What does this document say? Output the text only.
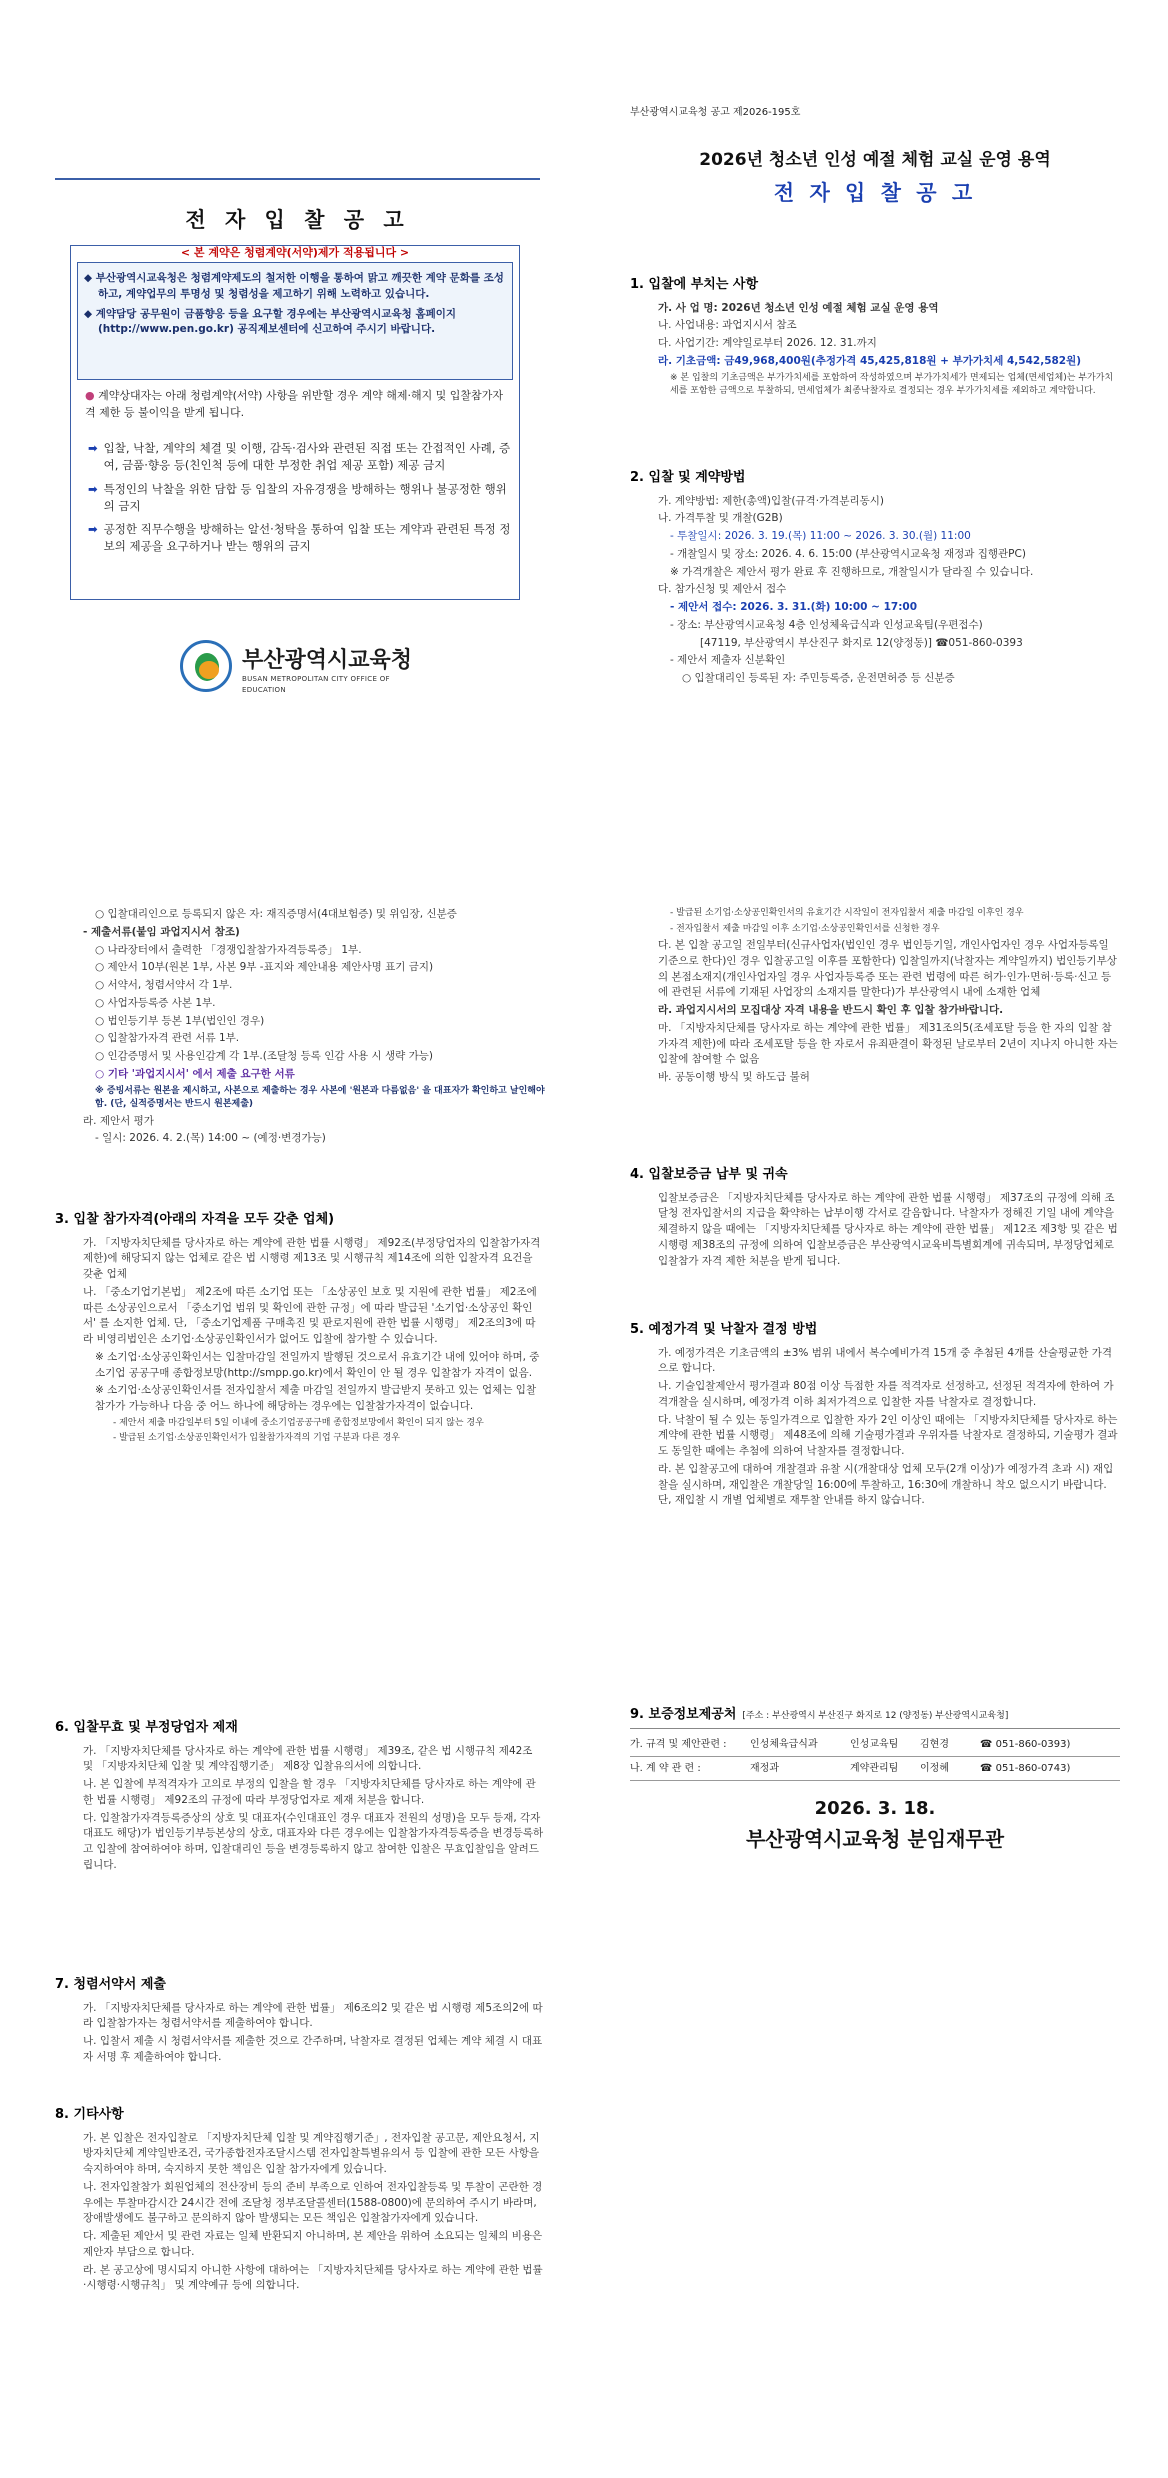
전 자 입 찰 공 고
< 본 계약은 청렴계약(서약)제가 적용됩니다 >
◆ 부산광역시교육청은 청렴계약제도의 철저한 이행을 통하여 맑고 깨끗한 계약 문화를 조성하고, 계약업무의 투명성 및 청렴성을 제고하기 위해 노력하고 있습니다.
◆ 계약담당 공무원이 금품향응 등을 요구할 경우에는 부산광역시교육청 홈페이지(http://www.pen.go.kr) 공직제보센터에 신고하여 주시기 바랍니다.
● 계약상대자는 아래 청렴계약(서약) 사항을 위반할 경우 계약 해제·해지 및 입찰참가자격 제한 등 불이익을 받게 됩니다.
➡ 입찰, 낙찰, 계약의 체결 및 이행, 감독·검사와 관련된 직접 또는 간접적인 사례, 증여, 금품·향응 등(친인척 등에 대한 부정한 취업 제공 포함) 제공 금지
➡ 특정인의 낙찰을 위한 담합 등 입찰의 자유경쟁을 방해하는 행위나 불공정한 행위의 금지
➡ 공정한 직무수행을 방해하는 알선·청탁을 통하여 입찰 또는 계약과 관련된 특정 정보의 제공을 요구하거나 받는 행위의 금지
부산광역시교육청
BUSAN METROPOLITAN CITY OFFICE OF EDUCATION
부산광역시교육청 공고 제2026-195호
2026년 청소년 인성 예절 체험 교실 운영 용역
전 자 입 찰 공 고
1. 입찰에 부치는 사항
가. 사 업 명: 2026년 청소년 인성 예절 체험 교실 운영 용역
나. 사업내용: 과업지시서 참조
다. 사업기간: 계약일로부터 2026. 12. 31.까지
라. 기초금액: 금49,968,400원(추정가격 45,425,818원 + 부가가치세 4,542,582원)
※ 본 입찰의 기초금액은 부가가치세를 포함하여 작성하였으며 부가가치세가 면제되는 업체(면세업체)는 부가가치세를 포함한 금액으로 투찰하되, 면세업체가 최종낙찰자로 결정되는 경우 부가가치세를 제외하고 계약합니다.
2. 입찰 및 계약방법
가. 계약방법: 제한(총액)입찰(규격·가격분리동시)
나. 가격투찰 및 개찰(G2B)
- 투찰일시: 2026. 3. 19.(목) 11:00 ~ 2026. 3. 30.(월) 11:00
- 개찰일시 및 장소: 2026. 4. 6. 15:00 (부산광역시교육청 재정과 집행관PC)
※ 가격개찰은 제안서 평가 완료 후 진행하므로, 개찰일시가 달라질 수 있습니다.
다. 참가신청 및 제안서 접수
- 제안서 접수: 2026. 3. 31.(화) 10:00 ~ 17:00
- 장소: 부산광역시교육청 4층 인성체육급식과 인성교육팀(우편접수)
[47119, 부산광역시 부산진구 화지로 12(양정동)] ☎051-860-0393
- 제안서 제출자 신분확인
○ 입찰대리인 등록된 자: 주민등록증, 운전면허증 등 신분증
○ 입찰대리인으로 등록되지 않은 자: 재직증명서(4대보험증) 및 위임장, 신분증
- 제출서류(붙임 과업지시서 참조)
○ 나라장터에서 출력한 「경쟁입찰참가자격등록증」 1부.
○ 제안서 10부(원본 1부, 사본 9부 -표지와 제안내용 제안사명 표기 금지)
○ 서약서, 청렴서약서 각 1부.
○ 사업자등록증 사본 1부.
○ 법인등기부 등본 1부(법인인 경우)
○ 입찰참가자격 관련 서류 1부.
○ 인감증명서 및 사용인감계 각 1부.(조달청 등록 인감 사용 시 생략 가능)
○ 기타 '과업지시서' 에서 제출 요구한 서류
※ 증빙서류는 원본을 제시하고, 사본으로 제출하는 경우 사본에 '원본과 다름없음' 을 대표자가 확인하고 날인해야함. (단, 실적증명서는 반드시 원본제출)
라. 제안서 평가
- 일시: 2026. 4. 2.(목) 14:00 ~ (예정·변경가능)
3. 입찰 참가자격(아래의 자격을 모두 갖춘 업체)
가. 「지방자치단체를 당사자로 하는 계약에 관한 법률 시행령」 제92조(부정당업자의 입찰참가자격 제한)에 해당되지 않는 업체로 같은 법 시행령 제13조 및 시행규칙 제14조에 의한 입찰자격 요건을 갖춘 업체
나. 「중소기업기본법」 제2조에 따른 소기업 또는 「소상공인 보호 및 지원에 관한 법률」 제2조에 따른 소상공인으로서 「중소기업 범위 및 확인에 관한 규정」에 따라 발급된 '소기업·소상공인 확인서' 를 소지한 업체. 단, 「중소기업제품 구매촉진 및 판로지원에 관한 법률 시행령」 제2조의3에 따라 비영리법인은 소기업·소상공인확인서가 없어도 입찰에 참가할 수 있습니다.
※ 소기업·소상공인확인서는 입찰마감일 전일까지 발행된 것으로서 유효기간 내에 있어야 하며, 중소기업 공공구매 종합정보망(http://smpp.go.kr)에서 확인이 안 될 경우 입찰참가 자격이 없음.
※ 소기업·소상공인확인서를 전자입찰서 제출 마감일 전일까지 발급받지 못하고 있는 업체는 입찰참가가 가능하나 다음 중 어느 하나에 해당하는 경우에는 입찰참가자격이 없습니다.
- 제안서 제출 마감일부터 5일 이내에 중소기업공공구매 종합정보망에서 확인이 되지 않는 경우
- 발급된 소기업·소상공인확인서가 입찰참가자격의 기업 구분과 다른 경우
- 발급된 소기업·소상공인확인서의 유효기간 시작일이 전자입찰서 제출 마감일 이후인 경우
- 전자입찰서 제출 마감일 이후 소기업·소상공인확인서를 신청한 경우
다. 본 입찰 공고일 전일부터(신규사업자(법인인 경우 법인등기일, 개인사업자인 경우 사업자등록일 기준으로 한다)인 경우 입찰공고일 이후를 포함한다) 입찰일까지(낙찰자는 계약일까지) 법인등기부상의 본점소재지(개인사업자일 경우 사업자등록증 또는 관련 법령에 따른 허가·인가·면허·등록·신고 등에 관련된 서류에 기재된 사업장의 소재지를 말한다)가 부산광역시 내에 소재한 업체
라. 과업지시서의 모집대상 자격 내용을 반드시 확인 후 입찰 참가바랍니다.
마. 「지방자치단체를 당사자로 하는 계약에 관한 법률」 제31조의5(조세포탈 등을 한 자의 입찰 참가자격 제한)에 따라 조세포탈 등을 한 자로서 유죄판결이 확정된 날로부터 2년이 지나지 아니한 자는 입찰에 참여할 수 없음
바. 공동이행 방식 및 하도급 불허
4. 입찰보증금 납부 및 귀속
입찰보증금은 「지방자치단체를 당사자로 하는 계약에 관한 법률 시행령」 제37조의 규정에 의해 조달청 전자입찰서의 지급을 확약하는 납부이행 각서로 갈음합니다. 낙찰자가 정해진 기일 내에 계약을 체결하지 않을 때에는 「지방자치단체를 당사자로 하는 계약에 관한 법률」 제12조 제3항 및 같은 법 시행령 제38조의 규정에 의하여 입찰보증금은 부산광역시교육비특별회계에 귀속되며, 부정당업체로 입찰참가 자격 제한 처분을 받게 됩니다.
5. 예정가격 및 낙찰자 결정 방법
가. 예정가격은 기초금액의 ±3% 범위 내에서 복수예비가격 15개 중 추첨된 4개를 산술평균한 가격으로 합니다.
나. 기술입찰제안서 평가결과 80점 이상 득점한 자를 적격자로 선정하고, 선정된 적격자에 한하여 가격개찰을 실시하며, 예정가격 이하 최저가격으로 입찰한 자를 낙찰자로 결정합니다.
다. 낙찰이 될 수 있는 동일가격으로 입찰한 자가 2인 이상인 때에는 「지방자치단체를 당사자로 하는 계약에 관한 법률 시행령」 제48조에 의해 기술평가결과 우위자를 낙찰자로 결정하되, 기술평가 결과도 동일한 때에는 추첨에 의하여 낙찰자를 결정합니다.
라. 본 입찰공고에 대하여 개찰결과 유찰 시(개찰대상 업체 모두(2개 이상)가 예정가격 초과 시) 재입찰을 실시하며, 재입찰은 개찰당일 16:00에 투찰하고, 16:30에 개찰하니 착오 없으시기 바랍니다. 단, 재입찰 시 개별 업체별로 재투찰 안내를 하지 않습니다.
6. 입찰무효 및 부정당업자 제재
가. 「지방자치단체를 당사자로 하는 계약에 관한 법률 시행령」 제39조, 같은 법 시행규칙 제42조 및 「지방자치단체 입찰 및 계약집행기준」 제8장 입찰유의서에 의합니다.
나. 본 입찰에 부적격자가 고의로 부정의 입찰을 할 경우 「지방자치단체를 당사자로 하는 계약에 관한 법률 시행령」 제92조의 규정에 따라 부정당업자로 제재 처분을 합니다.
다. 입찰참가자격등록증상의 상호 및 대표자(수인대표인 경우 대표자 전원의 성명)을 모두 등재, 각자 대표도 해당)가 법인등기부등본상의 상호, 대표자와 다른 경우에는 입찰참가자격등록증을 변경등록하고 입찰에 참여하여야 하며, 입찰대리인 등을 변경등록하지 않고 참여한 입찰은 무효입찰임을 알려드립니다.
7. 청렴서약서 제출
가. 「지방자치단체를 당사자로 하는 계약에 관한 법률」 제6조의2 및 같은 법 시행령 제5조의2에 따라 입찰참가자는 청렴서약서를 제출하여야 합니다.
나. 입찰서 제출 시 청렴서약서를 제출한 것으로 간주하며, 낙찰자로 결정된 업체는 계약 체결 시 대표자 서명 후 제출하여야 합니다.
8. 기타사항
가. 본 입찰은 전자입찰로 「지방자치단체 입찰 및 계약집행기준」, 전자입찰 공고문, 제안요청서, 지방자치단체 계약일반조건, 국가종합전자조달시스템 전자입찰특별유의서 등 입찰에 관한 모든 사항을 숙지하여야 하며, 숙지하지 못한 책임은 입찰 참가자에게 있습니다.
나. 전자입찰참가 회원업체의 전산장비 등의 준비 부족으로 인하여 전자입찰등록 및 투찰이 곤란한 경우에는 투찰마감시간 24시간 전에 조달청 정부조달콜센터(1588-0800)에 문의하여 주시기 바라며, 장애발생에도 불구하고 문의하지 않아 발생되는 모든 책임은 입찰참가자에게 있습니다.
다. 제출된 제안서 및 관련 자료는 일체 반환되지 아니하며, 본 제안을 위하여 소요되는 일체의 비용은 제안자 부담으로 합니다.
라. 본 공고상에 명시되지 아니한 사항에 대하여는 「지방자치단체를 당사자로 하는 계약에 관한 법률·시행령·시행규칙」 및 계약예규 등에 의합니다.
9. 보증정보제공처 [주소 : 부산광역시 부산진구 화지로 12 (양정동) 부산광역시교육청]
가. 규격 및 제안관련 :	인성체육급식과	인성교육팀	김현경	☎ 051-860-0393)
나. 계 약 관 련 :	재정과	계약관리팀	이정혜	☎ 051-860-0743)
2026. 3. 18.
부산광역시교육청 분임재무관
